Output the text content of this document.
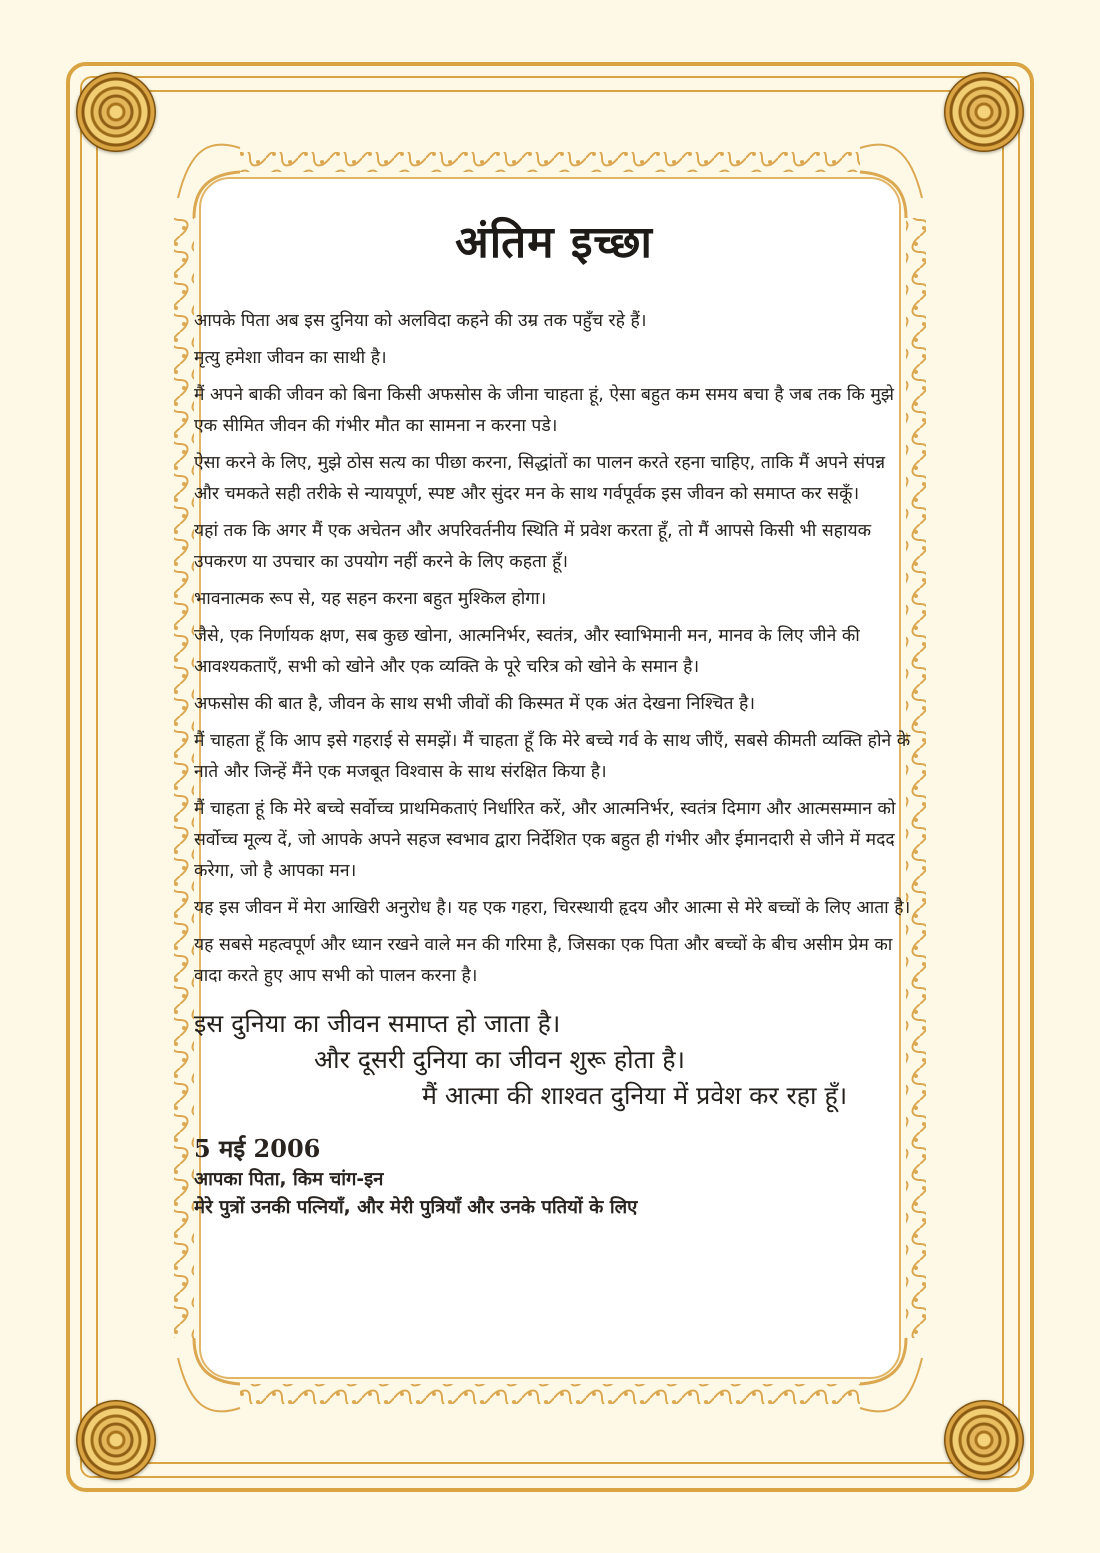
अंतिम इच्छा

आपके पिता अब इस दुनिया को अलविदा कहने की उम्र तक पहुँच रहे हैं।

मृत्यु हमेशा जीवन का साथी है।

मैं अपने बाकी जीवन को बिना किसी अफसोस के जीना चाहता हूं, ऐसा बहुत कम समय बचा है जब तक कि मुझे एक सीमित जीवन की गंभीर मौत का सामना न करना पडे।

ऐसा करने के लिए, मुझे ठोस सत्य का पीछा करना, सिद्धांतों का पालन करते रहना चाहिए, ताकि मैं अपने संपन्न और चमकते सही तरीके से न्यायपूर्ण, स्पष्ट और सुंदर मन के साथ गर्वपूर्वक इस जीवन को समाप्त कर सकूँ।

यहां तक कि अगर मैं एक अचेतन और अपरिवर्तनीय स्थिति में प्रवेश करता हूँ, तो मैं आपसे किसी भी सहायक उपकरण या उपचार का उपयोग नहीं करने के लिए कहता हूँ।

भावनात्मक रूप से, यह सहन करना बहुत मुश्किल होगा।

जैसे, एक निर्णायक क्षण, सब कुछ खोना, आत्मनिर्भर, स्वतंत्र, और स्वाभिमानी मन, मानव के लिए जीने की आवश्यकताएँ, सभी को खोने और एक व्यक्ति के पूरे चरित्र को खोने के समान है।

अफसोस की बात है, जीवन के साथ सभी जीवों की किस्मत में एक अंत देखना निश्चित है।

मैं चाहता हूँ कि आप इसे गहराई से समझें। मैं चाहता हूँ कि मेरे बच्चे गर्व के साथ जीएँ, सबसे कीमती व्यक्ति होने के नाते और जिन्हें मैंने एक मजबूत विश्वास के साथ संरक्षित किया है।

मैं चाहता हूं कि मेरे बच्चे सर्वोच्च प्राथमिकताएं निर्धारित करें, और आत्मनिर्भर, स्वतंत्र दिमाग और आत्मसम्मान को सर्वोच्च मूल्य दें, जो आपके अपने सहज स्वभाव द्वारा निर्देशित एक बहुत ही गंभीर और ईमानदारी से जीने में मदद करेगा, जो है आपका मन।

यह इस जीवन में मेरा आखिरी अनुरोध है। यह एक गहरा, चिरस्थायी हृदय और आत्मा से मेरे बच्चों के लिए आता है।

यह सबसे महत्वपूर्ण और ध्यान रखने वाले मन की गरिमा है, जिसका एक पिता और बच्चों के बीच असीम प्रेम का वादा करते हुए आप सभी को पालन करना है।

इस दुनिया का जीवन समाप्त हो जाता है।
और दूसरी दुनिया का जीवन शुरू होता है।
मैं आत्मा की शाश्वत दुनिया में प्रवेश कर रहा हूँ।
5 मई 2006
आपका पिता, किम चांग-इन
मेरे पुत्रों उनकी पत्नियाँ, और मेरी पुत्रियाँ और उनके पतियों के लिए
